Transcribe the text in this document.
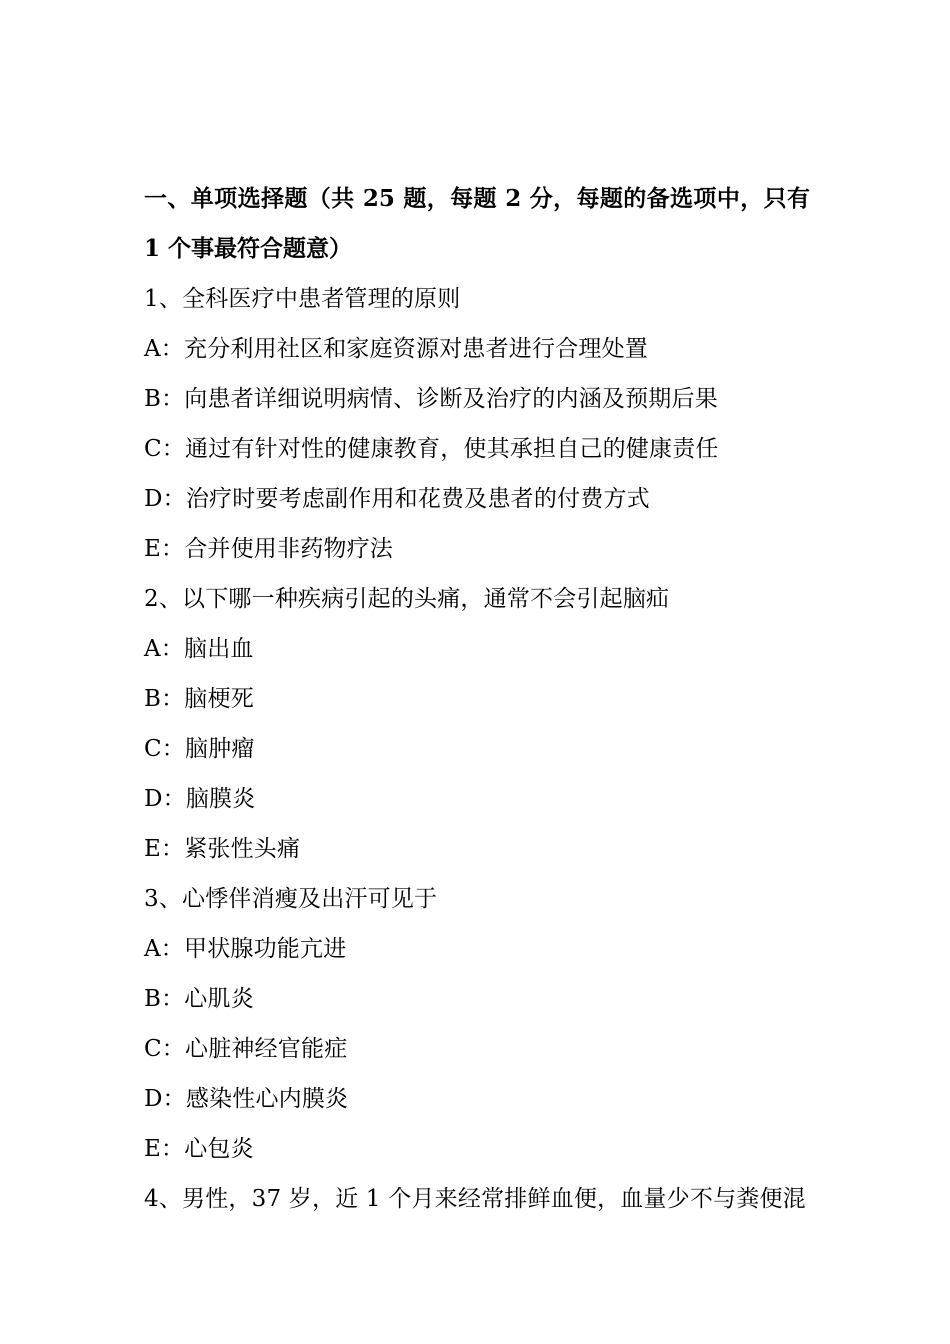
一、单项选择题（共 25 题，每题 2 分，每题的备选项中，只有 1 个事最符合题意）

1、全科医疗中患者管理的原则

A：充分利用社区和家庭资源对患者进行合理处置

B：向患者详细说明病情、诊断及治疗的内涵及预期后果

C：通过有针对性的健康教育，使其承担自己的健康责任

D：治疗时要考虑副作用和花费及患者的付费方式

E：合并使用非药物疗法

2、以下哪一种疾病引起的头痛，通常不会引起脑疝

A：脑出血

B：脑梗死

C：脑肿瘤

D：脑膜炎

E：紧张性头痛

3、心悸伴消瘦及出汗可见于

A：甲状腺功能亢进

B：心肌炎

C：心脏神经官能症

D：感染性心内膜炎

E：心包炎

4、男性，37 岁，近 1 个月来经常排鲜血便，血量少不与粪便混
